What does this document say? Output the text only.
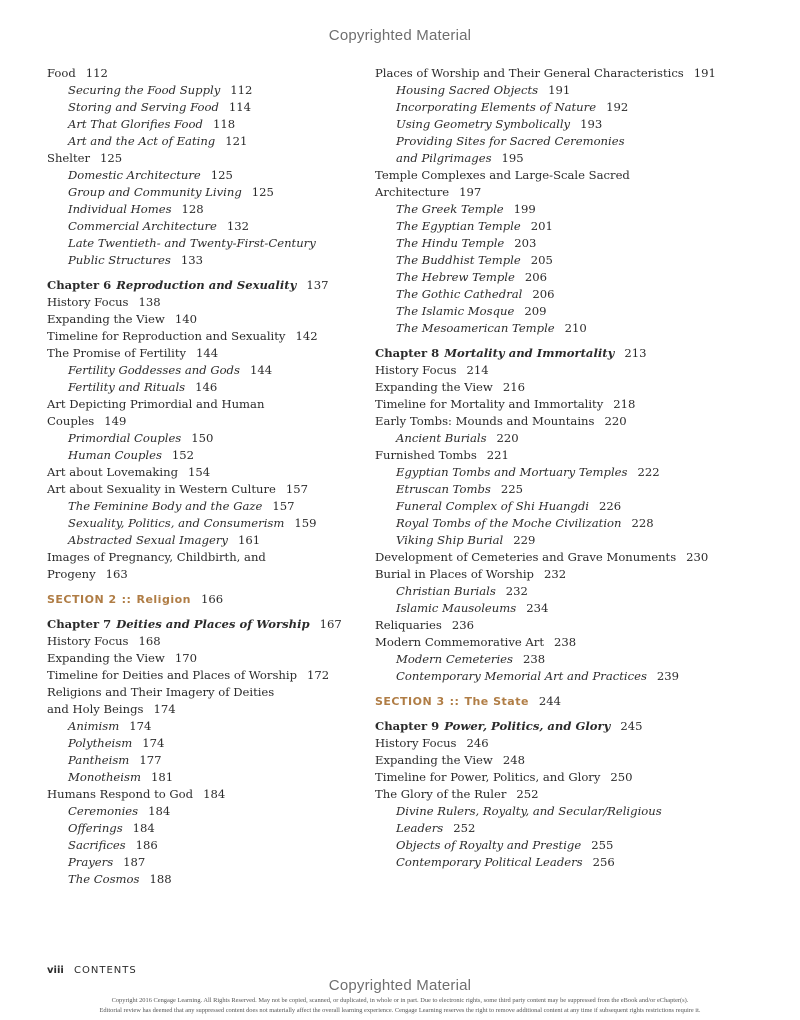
Copyrighted Material
Food 112
Securing the Food Supply 112
Storing and Serving Food 114
Art That Glorifies Food 118
Art and the Act of Eating 121
Shelter 125
Domestic Architecture 125
Group and Community Living 125
Individual Homes 128
Commercial Architecture 132
Late Twentieth- and Twenty-First-Century
Public Structures 133
Chapter 6 Reproduction and Sexuality 137
History Focus 138
Expanding the View 140
Timeline for Reproduction and Sexuality 142
The Promise of Fertility 144
Fertility Goddesses and Gods 144
Fertility and Rituals 146
Art Depicting Primordial and Human
Couples 149
Primordial Couples 150
Human Couples 152
Art about Lovemaking 154
Art about Sexuality in Western Culture 157
The Feminine Body and the Gaze 157
Sexuality, Politics, and Consumerism 159
Abstracted Sexual Imagery 161
Images of Pregnancy, Childbirth, and
Progeny 163
SECTION 2 :: Religion 166
Chapter 7 Deities and Places of Worship 167
History Focus 168
Expanding the View 170
Timeline for Deities and Places of Worship 172
Religions and Their Imagery of Deities
and Holy Beings 174
Animism 174
Polytheism 174
Pantheism 177
Monotheism 181
Humans Respond to God 184
Ceremonies 184
Offerings 184
Sacrifices 186
Prayers 187
The Cosmos 188
Places of Worship and Their General Characteristics 191
Housing Sacred Objects 191
Incorporating Elements of Nature 192
Using Geometry Symbolically 193
Providing Sites for Sacred Ceremonies
and Pilgrimages 195
Temple Complexes and Large-Scale Sacred
Architecture 197
The Greek Temple 199
The Egyptian Temple 201
The Hindu Temple 203
The Buddhist Temple 205
The Hebrew Temple 206
The Gothic Cathedral 206
The Islamic Mosque 209
The Mesoamerican Temple 210
Chapter 8 Mortality and Immortality 213
History Focus 214
Expanding the View 216
Timeline for Mortality and Immortality 218
Early Tombs: Mounds and Mountains 220
Ancient Burials 220
Furnished Tombs 221
Egyptian Tombs and Mortuary Temples 222
Etruscan Tombs 225
Funeral Complex of Shi Huangdi 226
Royal Tombs of the Moche Civilization 228
Viking Ship Burial 229
Development of Cemeteries and Grave Monuments 230
Burial in Places of Worship 232
Christian Burials 232
Islamic Mausoleums 234
Reliquaries 236
Modern Commemorative Art 238
Modern Cemeteries 238
Contemporary Memorial Art and Practices 239
SECTION 3 :: The State 244
Chapter 9 Power, Politics, and Glory 245
History Focus 246
Expanding the View 248
Timeline for Power, Politics, and Glory 250
The Glory of the Ruler 252
Divine Rulers, Royalty, and Secular/Religious
Leaders 252
Objects of Royalty and Prestige 255
Contemporary Political Leaders 256
viii CONTENTS
Copyrighted Material
Copyright 2016 Cengage Learning. All Rights Reserved. May not be copied, scanned, or duplicated, in whole or in part. Due to electronic rights, some third party content may be suppressed from the eBook and/or eChapter(s).
Editorial review has deemed that any suppressed content does not materially affect the overall learning experience. Cengage Learning reserves the right to remove additional content at any time if subsequent rights restrictions require it.
